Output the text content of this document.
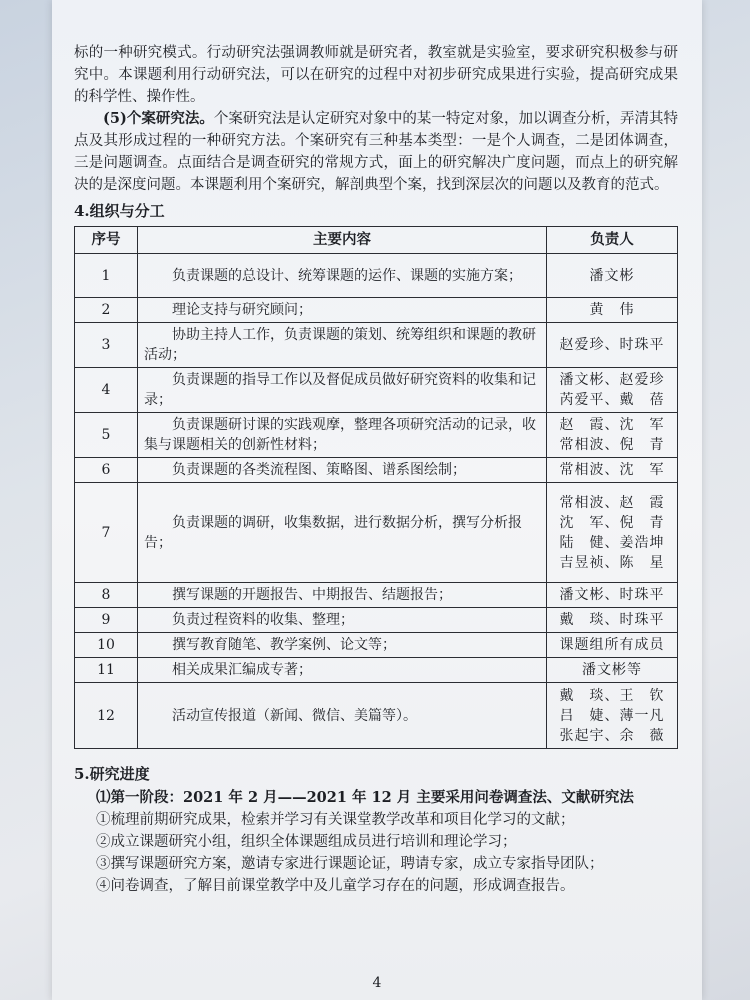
标的一种研究模式。行动研究法强调教师就是研究者，教室就是实验室，要求研究积极参与研究中。本课题利用行动研究法，可以在研究的过程中对初步研究成果进行实验，提高研究成果的科学性、操作性。

(5)个案研究法。个案研究法是认定研究对象中的某一特定对象，加以调查分析，弄清其特点及其形成过程的一种研究方法。个案研究有三种基本类型：一是个人调查，二是团体调查，三是问题调查。点面结合是调查研究的常规方式，面上的研究解决广度问题，而点上的研究解决的是深度问题。本课题利用个案研究，解剖典型个案，找到深层次的问题以及教育的范式。

4.组织与分工
序号	主要内容	负责人
1	负责课题的总设计、统筹课题的运作、课题的实施方案；	潘文彬

2	理论支持与研究顾问；	黄　伟

3	协助主持人工作，负责课题的策划、统筹组织和课题的教研活动；	赵爱珍、时珠平

4	负责课题的指导工作以及督促成员做好研究资料的收集和记录；	潘文彬、赵爱珍
芮爱平、戴　蓓

5	负责课题研讨课的实践观摩，整理各项研究活动的记录，收集与课题相关的创新性材料；	赵　霞、沈　军
常相波、倪　青

6	负责课题的各类流程图、策略图、谱系图绘制；	常相波、沈　军

7	负责课题的调研，收集数据，进行数据分析，撰写分析报告；	常相波、赵　霞
沈　军、倪　青
陆　健、姜浩坤
吉昱祯、陈　星

8	撰写课题的开题报告、中期报告、结题报告；	潘文彬、时珠平

9	负责过程资料的收集、整理；	戴　琰、时珠平

10	撰写教育随笔、教学案例、论文等；	课题组所有成员

11	相关成果汇编成专著；	潘文彬等

12	活动宣传报道（新闻、微信、美篇等）。	戴　琰、王　钦
吕　婕、薄一凡
张起宇、余　薇
5.研究进度

⑴第一阶段：2021 年 2 月——2021 年 12 月 主要采用问卷调查法、文献研究法

①梳理前期研究成果，检索并学习有关课堂教学改革和项目化学习的文献；

②成立课题研究小组，组织全体课题组成员进行培训和理论学习；

③撰写课题研究方案，邀请专家进行课题论证，聘请专家，成立专家指导团队；

④问卷调查，了解目前课堂教学中及儿童学习存在的问题，形成调查报告。

4
